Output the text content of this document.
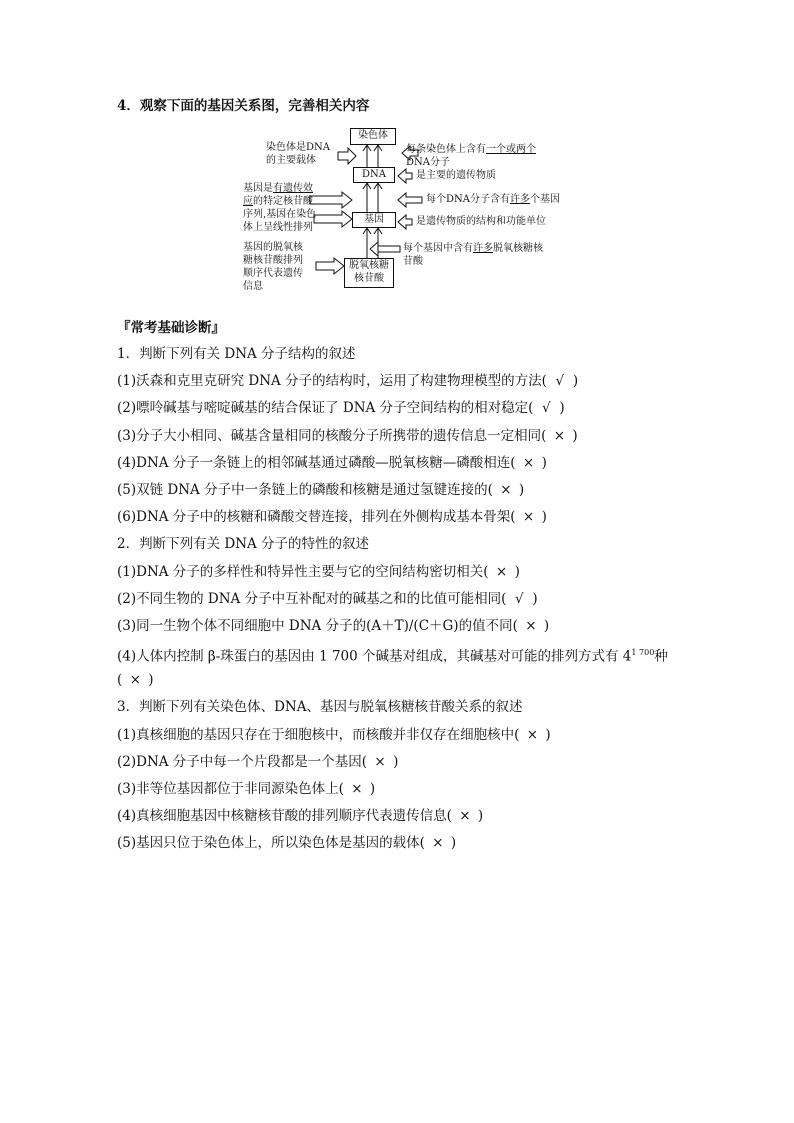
4．观察下面的基因关系图，完善相关内容
染色体
DNA
基因
脱氧核糖
核苷酸
染色体是DNA
的主要载体
基因是有遗传效
应的特定核苷酸
序列,基因在染色
体上呈线性排列
基因的脱氧核
糖核苷酸排列
顺序代表遗传
信息
每条染色体上含有一个或两个
DNA分子
是主要的遗传物质
每个DNA分子含有许多个基因
是遗传物质的结构和功能单位
每个基因中含有许多脱氧核糖核
苷酸
『常考基础诊断』
1．判断下列有关 DNA 分子结构的叙述
(1)沃森和克里克研究 DNA 分子的结构时，运用了构建物理模型的方法( √ )
(2)嘌呤碱基与嘧啶碱基的结合保证了 DNA 分子空间结构的相对稳定( √ )
(3)分子大小相同、碱基含量相同的核酸分子所携带的遗传信息一定相同( × )
(4)DNA 分子一条链上的相邻碱基通过磷酸—脱氧核糖—磷酸相连( × )
(5)双链 DNA 分子中一条链上的磷酸和核糖是通过氢键连接的( × )
(6)DNA 分子中的核糖和磷酸交替连接，排列在外侧构成基本骨架( × )
2．判断下列有关 DNA 分子的特性的叙述
(1)DNA 分子的多样性和特异性主要与它的空间结构密切相关( × )
(2)不同生物的 DNA 分子中互补配对的碱基之和的比值可能相同( √ )
(3)同一生物个体不同细胞中 DNA 分子的(A＋T)/(C＋G)的值不同( × )
(4)人体内控制 β-珠蛋白的基因由 1 700 个碱基对组成，其碱基对可能的排列方式有 $4^{1 700}$种
( × )
3．判断下列有关染色体、DNA、基因与脱氧核糖核苷酸关系的叙述
(1)真核细胞的基因只存在于细胞核中，而核酸并非仅存在细胞核中( × )
(2)DNA 分子中每一个片段都是一个基因( × )
(3)非等位基因都位于非同源染色体上( × )
(4)真核细胞基因中核糖核苷酸的排列顺序代表遗传信息( × )
(5)基因只位于染色体上，所以染色体是基因的载体( × )
